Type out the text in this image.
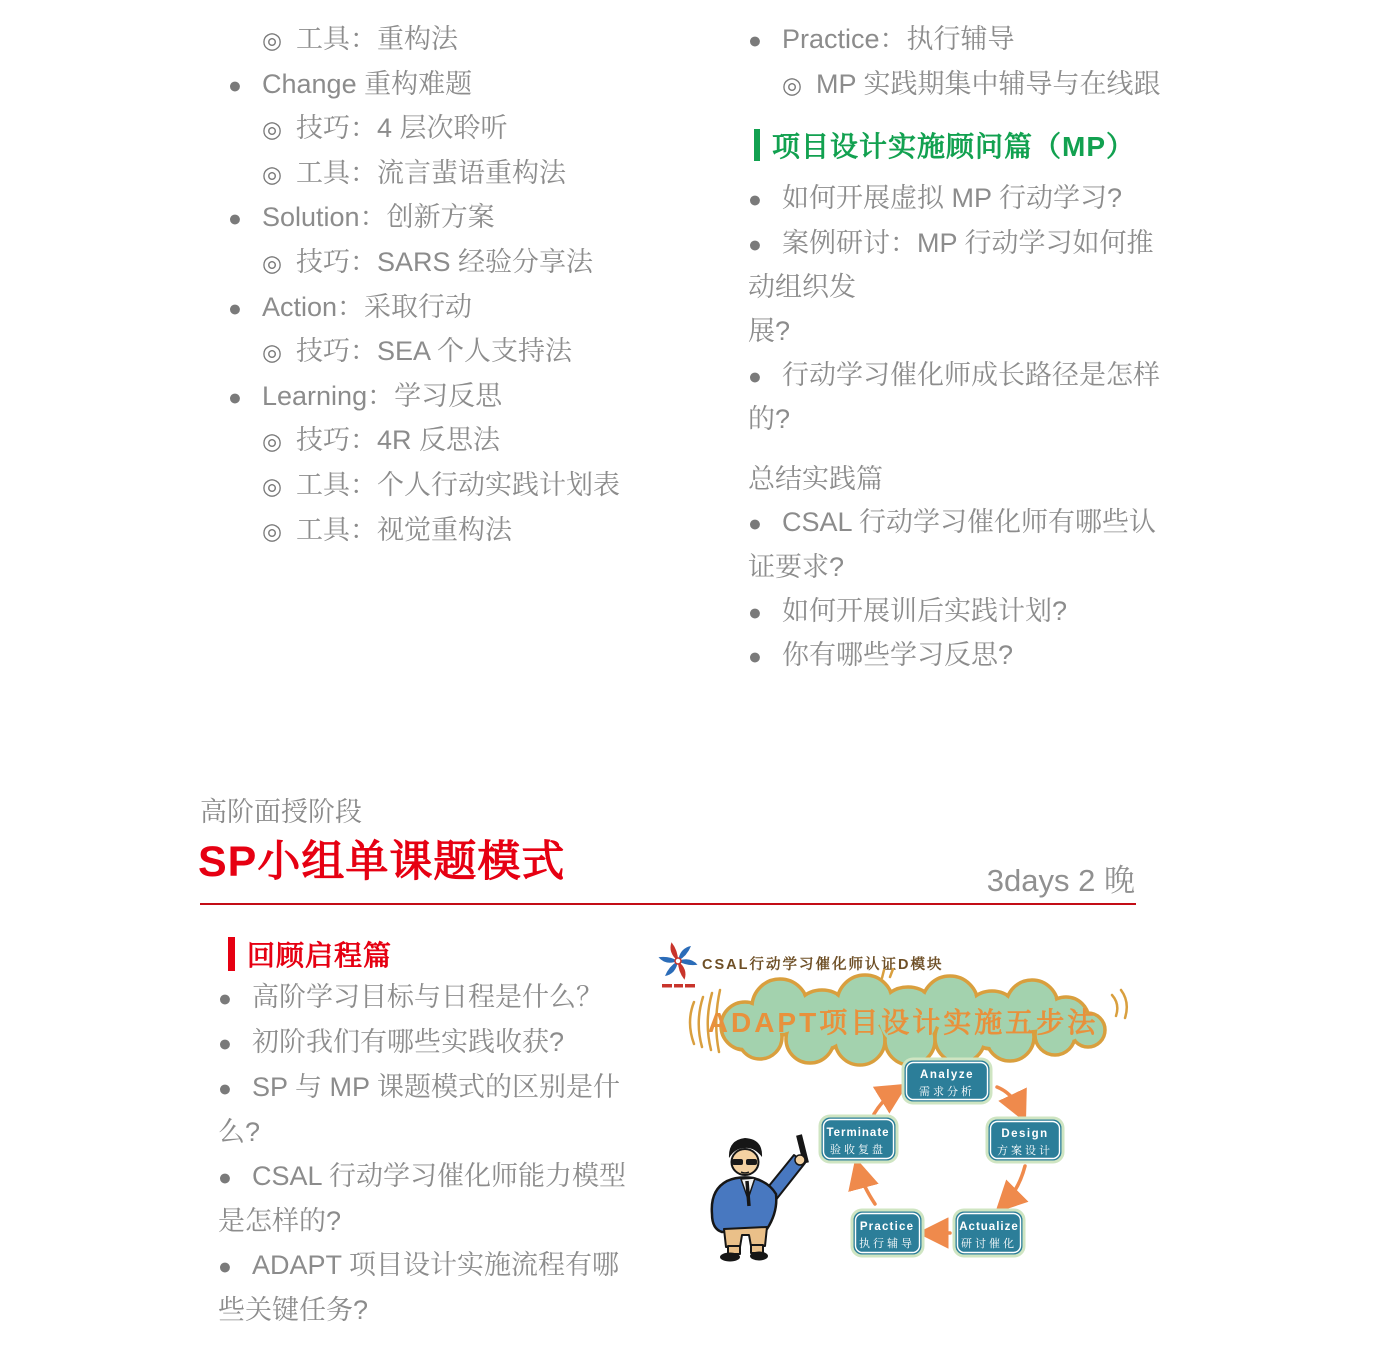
◎ 工具：重构法
● Change 重构难题
◎ 技巧：4 层次聆听
◎ 工具：流言蜚语重构法
● Solution：创新方案
◎ 技巧：SARS 经验分享法
● Action：采取行动
◎ 技巧：SEA 个人支持法
● Learning：学习反思
◎ 技巧：4R 反思法
◎ 工具：个人行动实践计划表
◎ 工具：视觉重构法
● Practice：执行辅导
◎ MP 实践期集中辅导与在线跟
项目设计实施顾问篇（MP）
● 如何开展虚拟 MP 行动学习?
● 案例研讨：MP 行动学习如何推
动组织发
展?
● 行动学习催化师成长路径是怎样
的?
总结实践篇
● CSAL 行动学习催化师有哪些认
证要求?
● 如何开展训后实践计划?
● 你有哪些学习反思?
高阶面授阶段
SP小组单课题模式	3days 2 晚
回顾启程篇
● 高阶学习目标与日程是什么？
● 初阶我们有哪些实践收获?
● SP 与 MP 课题模式的区别是什
么?
● CSAL 行动学习催化师能力模型
是怎样的?
● ADAPT 项目设计实施流程有哪
些关键任务?
CSAL行动学习催化师认证D模块
ADAPT项目设计实施五步法
Analyze
需求分析
Design
方案设计
Terminate
验收复盘
Practice
执行辅导
Actualize
研讨催化
